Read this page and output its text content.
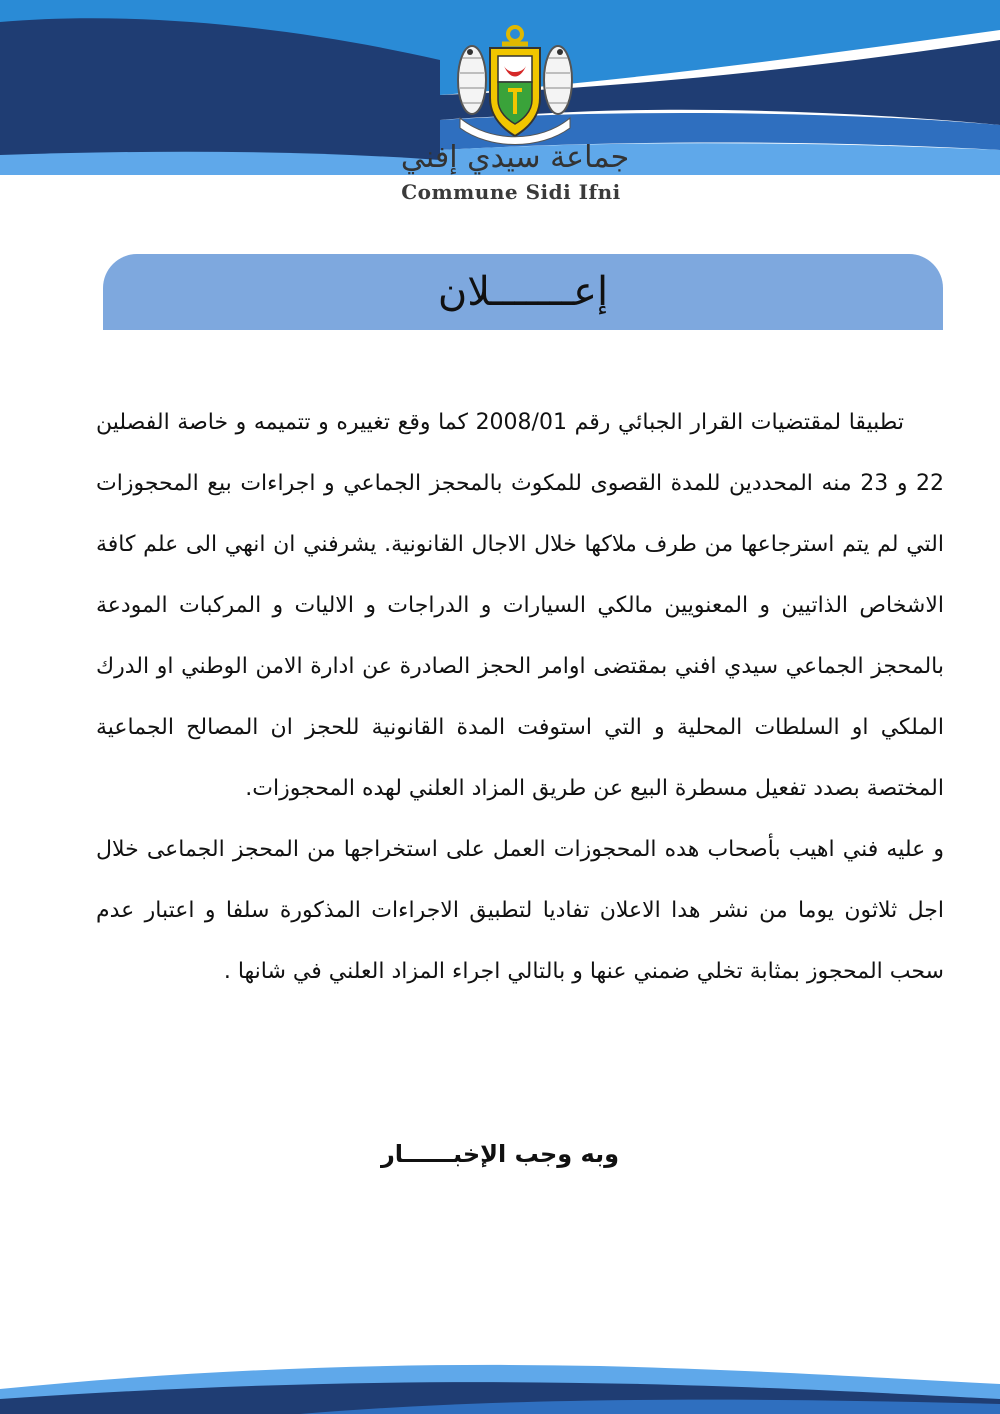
جماعة سيدي إفني
Commune Sidi Ifni
إعـــــــلان

تطبيقا لمقتضيات القرار الجبائي رقم 2008/01 كما وقع تغييره و تتميمه و خاصة الفصلين 22 و 23 منه المحددين للمدة القصوى للمكوث بالمحجز الجماعي و اجراءات بيع المحجوزات التي لم يتم استرجاعها من طرف ملاكها خلال الاجال القانونية. يشرفني ان انهي الى علم كافة الاشخاص الذاتيين و المعنويين مالكي السيارات و الدراجات و الاليات و المركبات المودعة بالمحجز الجماعي سيدي افني بمقتضى اوامر الحجز الصادرة عن ادارة الامن الوطني او الدرك الملكي او السلطات المحلية و التي استوفت المدة القانونية للحجز ان المصالح الجماعية المختصة بصدد تفعيل مسطرة البيع عن طريق المزاد العلني لهده المحجوزات.

و عليه فني اهيب بأصحاب هده المحجوزات العمل على استخراجها من المحجز الجماعى خلال اجل ثلاثون يوما من نشر هدا الاعلان تفاديا لتطبيق الاجراءات المذكورة سلفا و اعتبار عدم سحب المحجوز بمثابة تخلي ضمني عنها و بالتالي اجراء المزاد العلني في شانها .

وبه وجب الإخبــــــار
